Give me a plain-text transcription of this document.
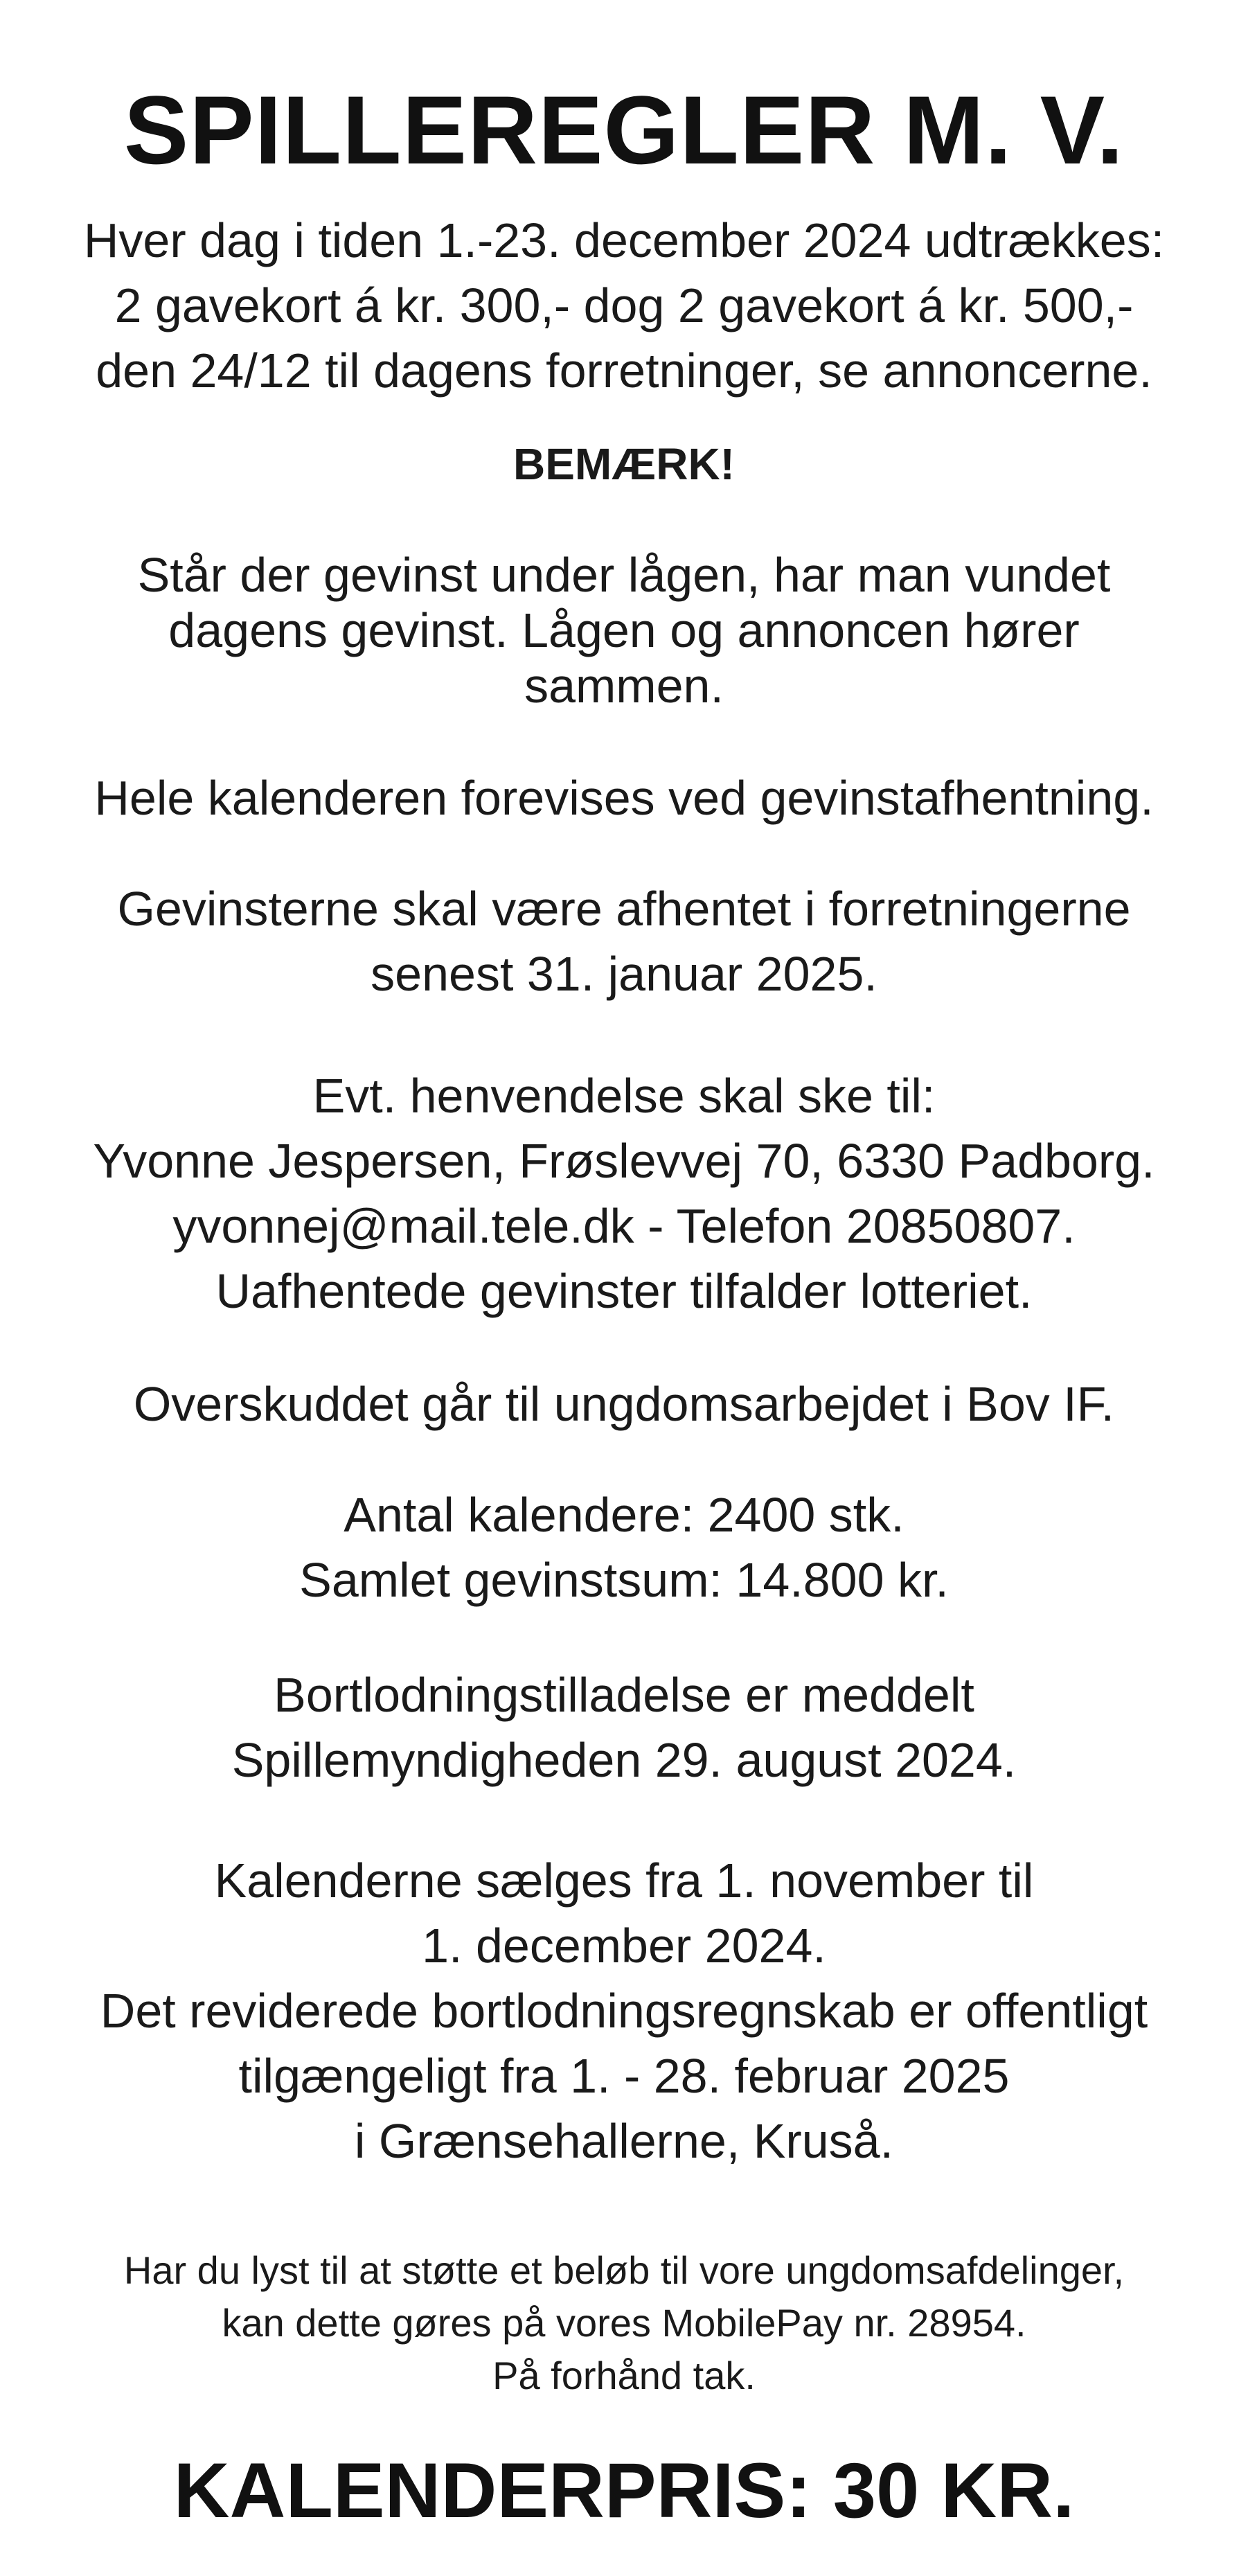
SPILLEREGLER M. V.
Hver dag i tiden 1.-23. december 2024 udtrækkes:
2 gavekort á kr. 300,- dog 2 gavekort á kr. 500,-
den 24/12 til dagens forretninger, se annoncerne.
BEMÆRK!
Står der gevinst under lågen, har man vundet
dagens gevinst. Lågen og annoncen hører
sammen.
Hele kalenderen forevises ved gevinstafhentning.
Gevinsterne skal være afhentet i forretningerne
senest 31. januar 2025.
Evt. henvendelse skal ske til:
Yvonne Jespersen, Frøslevvej 70, 6330 Padborg.
yvonnej@mail.tele.dk - Telefon 20850807.
Uafhentede gevinster tilfalder lotteriet.
Overskuddet går til ungdomsarbejdet i Bov IF.
Antal kalendere: 2400 stk.
Samlet gevinstsum: 14.800 kr.
Bortlodningstilladelse er meddelt
Spillemyndigheden 29. august 2024.
Kalenderne sælges fra 1. november til
1. december 2024.
Det reviderede bortlodningsregnskab er offentligt
tilgængeligt fra 1. - 28. februar 2025
i Grænsehallerne, Kruså.
Har du lyst til at støtte et beløb til vore ungdomsafdelinger,
kan dette gøres på vores MobilePay nr. 28954.
På forhånd tak.
KALENDERPRIS: 30 KR.
